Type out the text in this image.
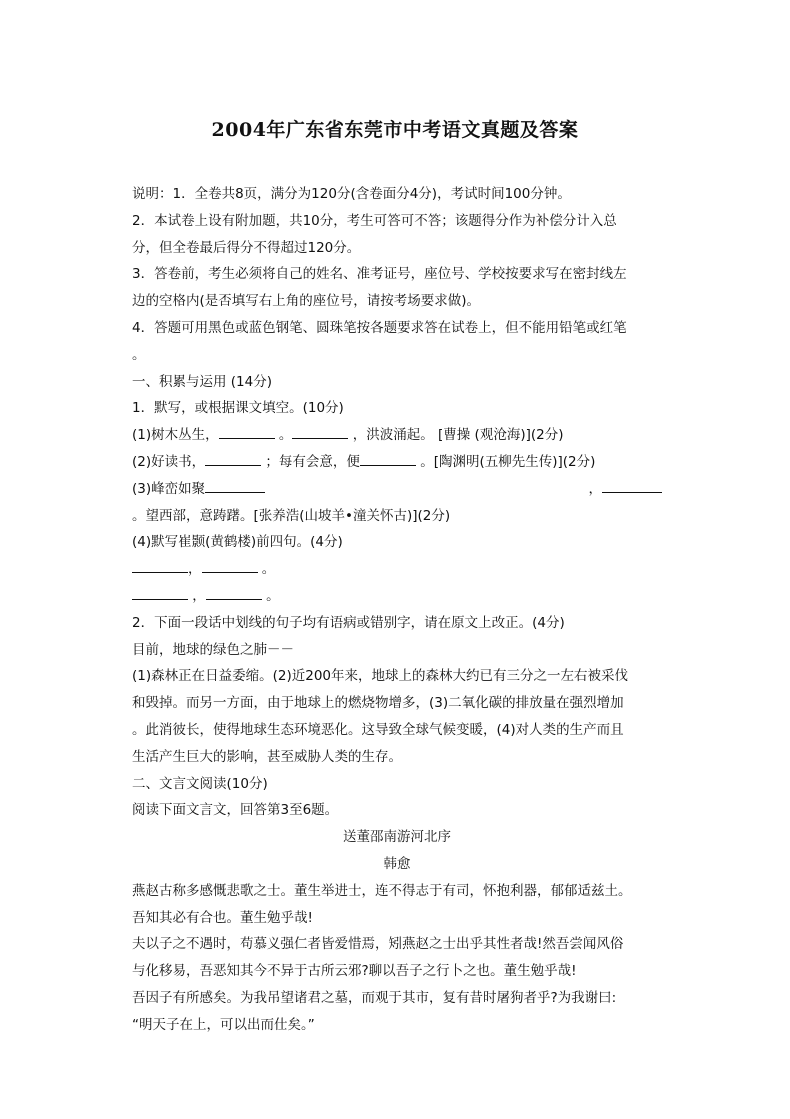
2004年广东省东莞市中考语文真题及答案
说明：1．全卷共8页，满分为120分(含卷面分4分)，考试时间100分钟。
2．本试卷上设有附加题，共10分，考生可答可不答；该题得分作为补偿分计入总
分，但全卷最后得分不得超过120分。
3．答卷前，考生必须将自己的姓名、准考证号，座位号、学校按要求写在密封线左
边的空格内(是否填写右上角的座位号，请按考场要求做)。
4．答题可用黑色或蓝色钢笔、圆珠笔按各题要求答在试卷上，但不能用铅笔或红笔
。
一、积累与运用 (14分)
1．默写，或根据课文填空。(10分)
(1)树木丛生，	。	，洪波涌起。 [曹操 (观沧海)](2分)
(2)好读书，	；每有会意，便	。[陶渊明(五柳先生传)](2分)
(3)峰峦如聚	，
。望西部，意踌躇。[张养浩(山坡羊•潼关怀古)](2分)
(4)默写崔颢(黄鹤楼)前四句。(4分)
，	。
，	。
2．下面一段话中划线的句子均有语病或错别字，请在原文上改正。(4分)
目前，地球的绿色之肺－－
(1)森林正在日益委缩。(2)近200年来，地球上的森林大约已有三分之一左右被采伐
和毁掉。而另一方面，由于地球上的燃烧物增多，(3)二氧化碳的排放量在强烈增加
。此消彼长，使得地球生态环境恶化。这导致全球气候变暖，(4)对人类的生产而且
生活产生巨大的影响，甚至威胁人类的生存。
二、文言文阅读(10分)
阅读下面文言文，回答第3至6题。
送董邵南游河北序
韩愈
燕赵古称多感慨悲歌之士。董生举进士，连不得志于有司，怀抱利器，郁郁适兹土。
吾知其必有合也。董生勉乎哉!
夫以子之不遇时，苟慕义强仁者皆爱惜焉，矧燕赵之士出乎其性者哉!然吾尝闻风俗
与化移易，吾恶知其今不异于古所云邪?聊以吾子之行卜之也。董生勉乎哉!
吾因子有所感矣。为我吊望诸君之墓，而观于其市，复有昔时屠狗者乎?为我谢曰:
“明天子在上，可以出而仕矣。”
